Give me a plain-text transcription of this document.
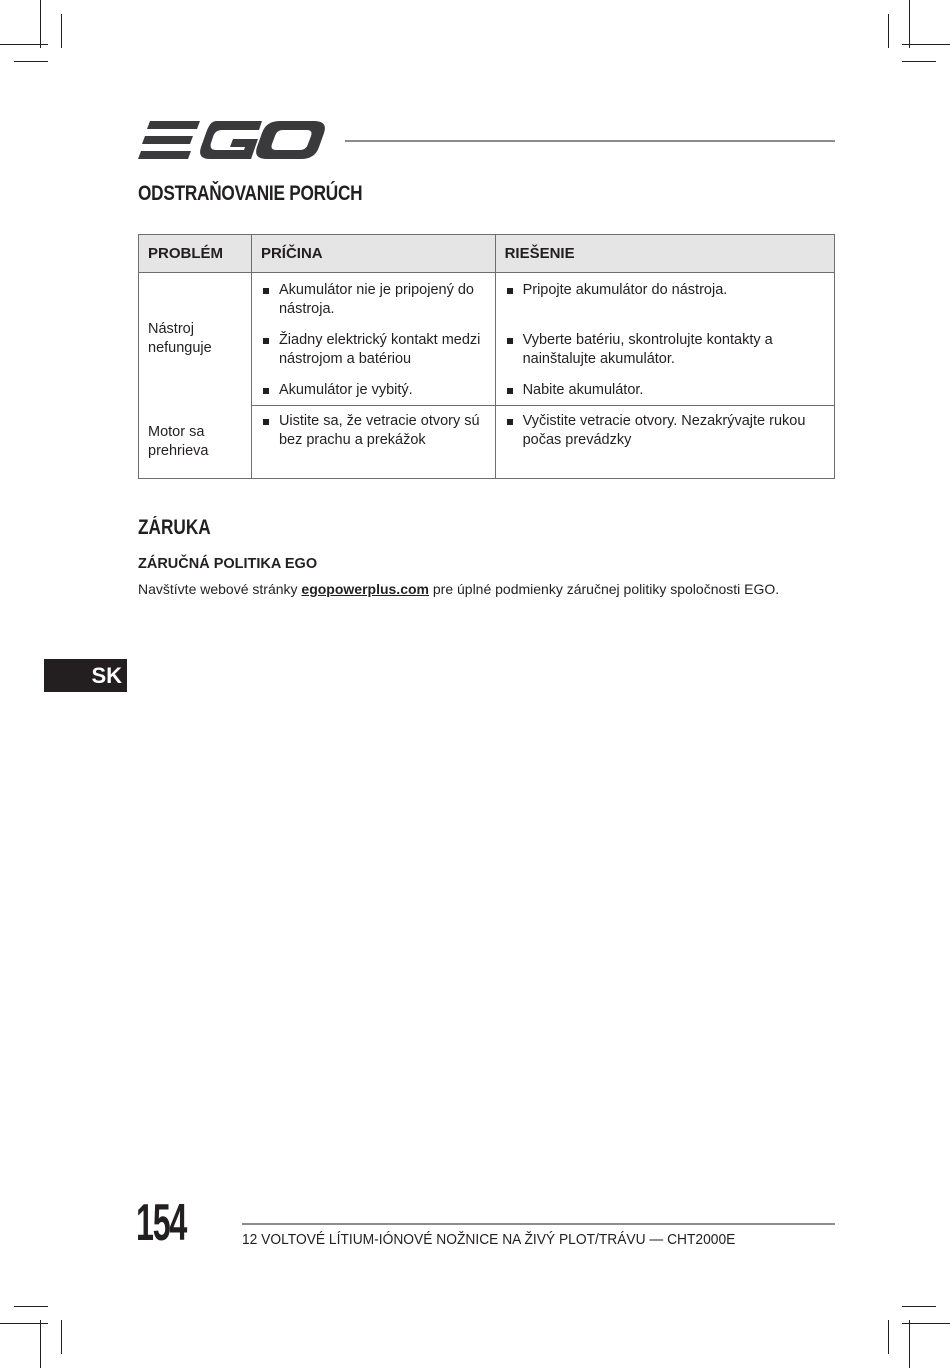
ODSTRAŇOVANIE PORÚCH
PROBLÉM	PRÍČINA	RIEŠENIE
Nástroj nefunguje	Akumulátor nie je pripojený do nástroja.	Pripojte akumulátor do nástroja.

	Žiadny elektrický kontakt medzi nástrojom a batériou	Vyberte batériu, skontrolujte kontakty a nainštalujte akumulátor.

	Akumulátor je vybitý.	Nabite akumulátor.

Motor sa prehrieva	Uistite sa, že vetracie otvory sú bez prachu a prekážok	Vyčistite vetracie otvory. Nezakrývajte rukou počas prevádzky
ZÁRUKA
ZÁRUČNÁ POLITIKA EGO
Navštívte webové stránky egopowerplus.com pre úplné podmienky záručnej politiky spoločnosti EGO.
SK
154	12 VOLTOVÉ LÍTIUM-IÓNOVÉ NOŽNICE NA ŽIVÝ PLOT/TRÁVU — CHT2000E
